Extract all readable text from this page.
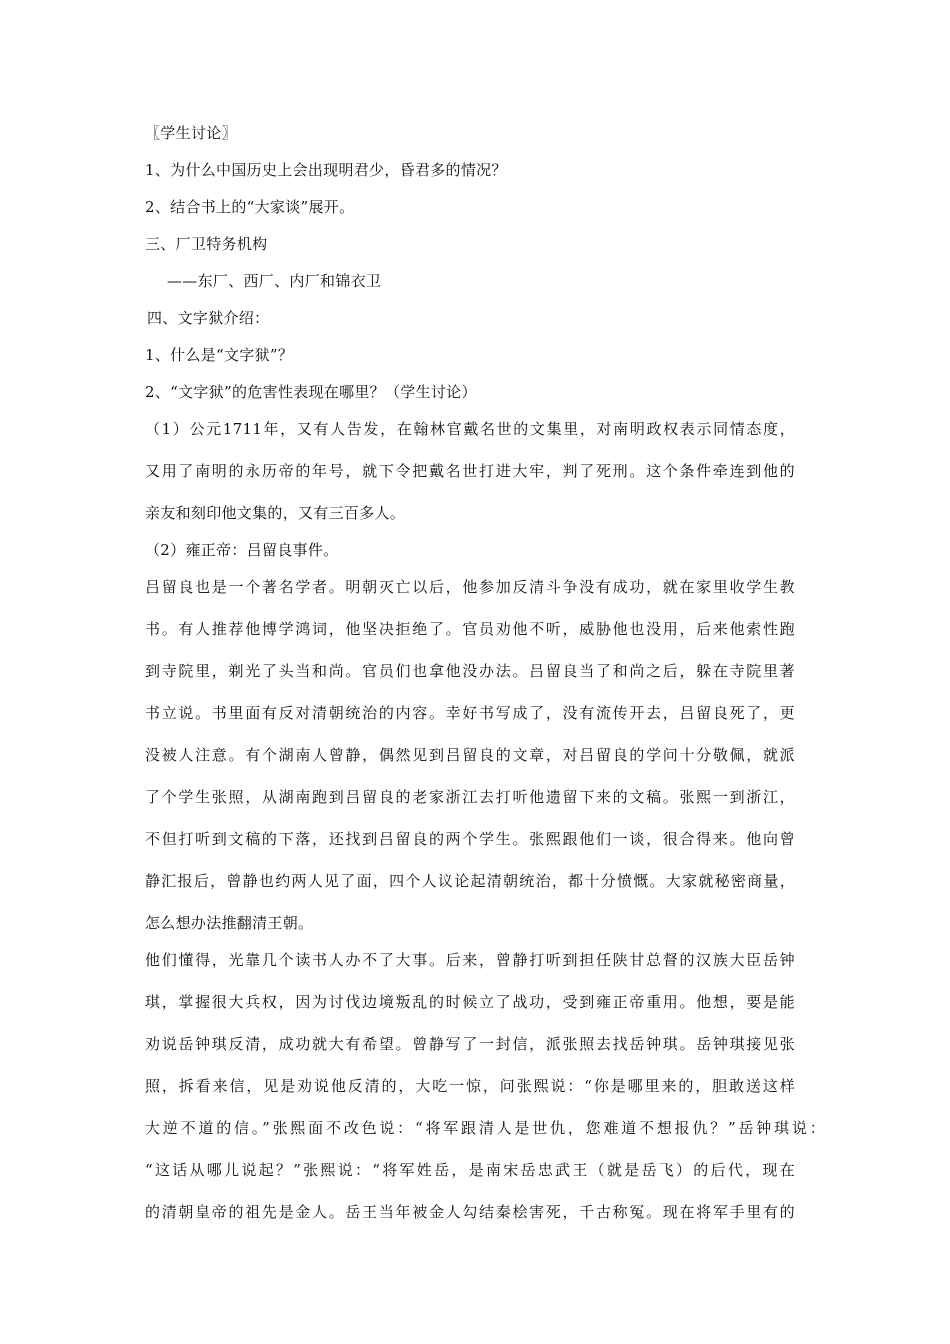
〖学生讨论〗
1、为什么中国历史上会出现明君少，昏君多的情况？
2、结合书上的“大家谈”展开。
三、厂卫特务机构
——东厂、西厂、内厂和锦衣卫
四、文字狱介绍：
1、什么是“文字狱”？
2、“文字狱”的危害性表现在哪里？（学生讨论）
（1）公元1711年，又有人告发，在翰林官戴名世的文集里，对南明政权表示同情态度，
又用了南明的永历帝的年号，就下令把戴名世打进大牢，判了死刑。这个条件牵连到他的
亲友和刻印他文集的，又有三百多人。
（2）雍正帝：吕留良事件。
吕留良也是一个著名学者。明朝灭亡以后，他参加反清斗争没有成功，就在家里收学生教
书。有人推荐他博学鸿词，他坚决拒绝了。官员劝他不听，威胁他也没用，后来他索性跑
到寺院里，剃光了头当和尚。官员们也拿他没办法。吕留良当了和尚之后，躲在寺院里著
书立说。书里面有反对清朝统治的内容。幸好书写成了，没有流传开去，吕留良死了，更
没被人注意。有个湖南人曾静，偶然见到吕留良的文章，对吕留良的学问十分敬佩，就派
了个学生张照，从湖南跑到吕留良的老家浙江去打听他遗留下来的文稿。张熙一到浙江，
不但打听到文稿的下落，还找到吕留良的两个学生。张熙跟他们一谈，很合得来。他向曾
静汇报后，曾静也约两人见了面，四个人议论起清朝统治，都十分愤慨。大家就秘密商量，
怎么想办法推翻清王朝。
他们懂得，光靠几个读书人办不了大事。后来，曾静打听到担任陕甘总督的汉族大臣岳钟
琪，掌握很大兵权，因为讨伐边境叛乱的时候立了战功，受到雍正帝重用。他想，要是能
劝说岳钟琪反清，成功就大有希望。曾静写了一封信，派张照去找岳钟琪。岳钟琪接见张
照，拆看来信，见是劝说他反清的，大吃一惊，问张熙说：“你是哪里来的，胆敢送这样
大逆不道的信。”张熙面不改色说：“将军跟清人是世仇，您难道不想报仇？”岳钟琪说：
“这话从哪儿说起？”张熙说：“将军姓岳，是南宋岳忠武王（就是岳飞）的后代，现在
的清朝皇帝的祖先是金人。岳王当年被金人勾结秦桧害死，千古称冤。现在将军手里有的
